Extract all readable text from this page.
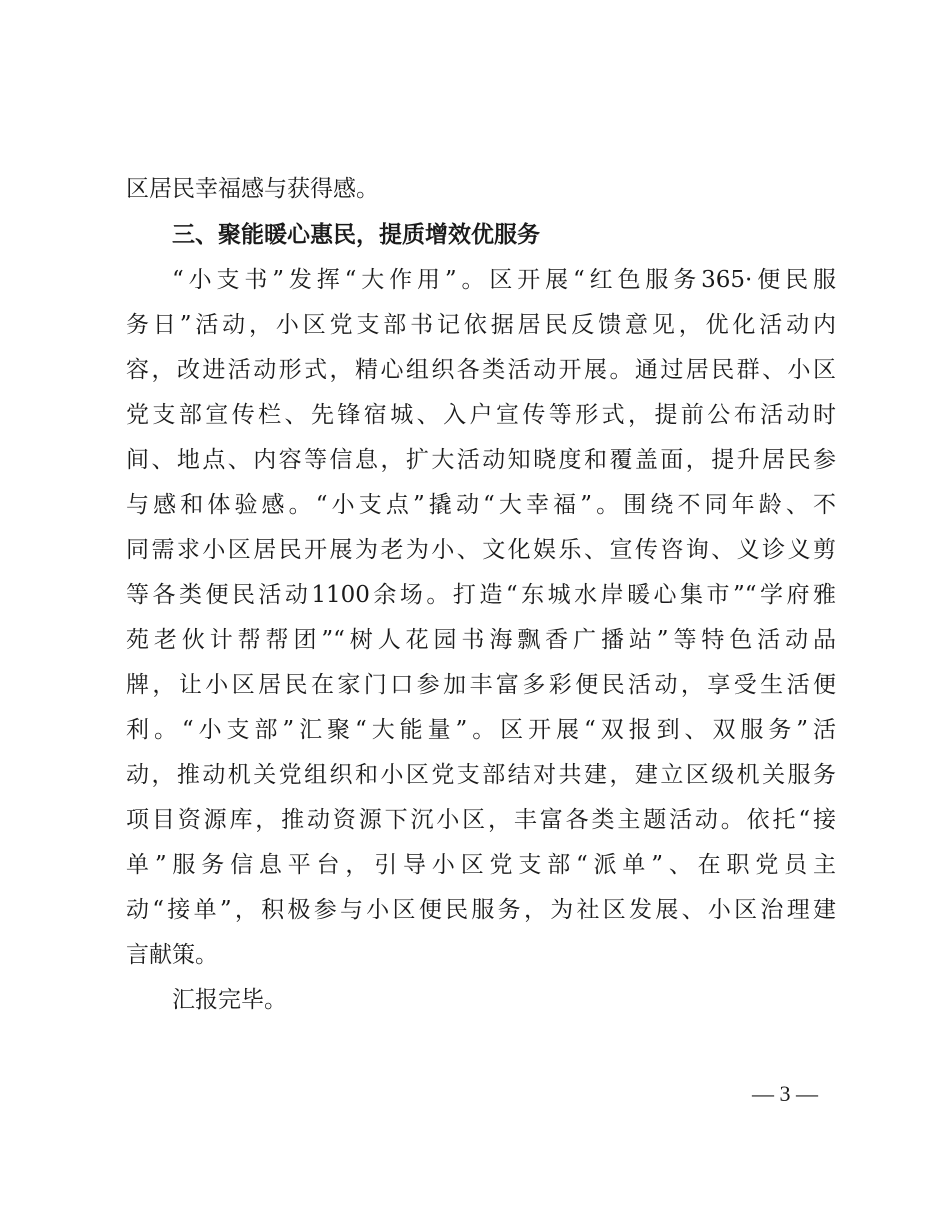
区居民幸福感与获得感。
三、聚能暖心惠民，提质增效优服务
“小支书”发挥“大作用”。区开展“红色服务365·便民服
务日”活动，小区党支部书记依据居民反馈意见，优化活动内
容，改进活动形式，精心组织各类活动开展。通过居民群、小区
党支部宣传栏、先锋宿城、入户宣传等形式，提前公布活动时
间、地点、内容等信息，扩大活动知晓度和覆盖面，提升居民参
与感和体验感。“小支点”撬动“大幸福”。围绕不同年龄、不
同需求小区居民开展为老为小、文化娱乐、宣传咨询、义诊义剪
等各类便民活动1100余场。打造“东城水岸暖心集市”“学府雅
苑老伙计帮帮团”“树人花园书海飘香广播站”等特色活动品
牌，让小区居民在家门口参加丰富多彩便民活动，享受生活便
利。“小支部”汇聚“大能量”。区开展“双报到、双服务”活
动，推动机关党组织和小区党支部结对共建，建立区级机关服务
项目资源库，推动资源下沉小区，丰富各类主题活动。依托“接
单”服务信息平台，引导小区党支部“派单”、在职党员主
动“接单”，积极参与小区便民服务，为社区发展、小区治理建
言献策。
汇报完毕。
— 3 —
